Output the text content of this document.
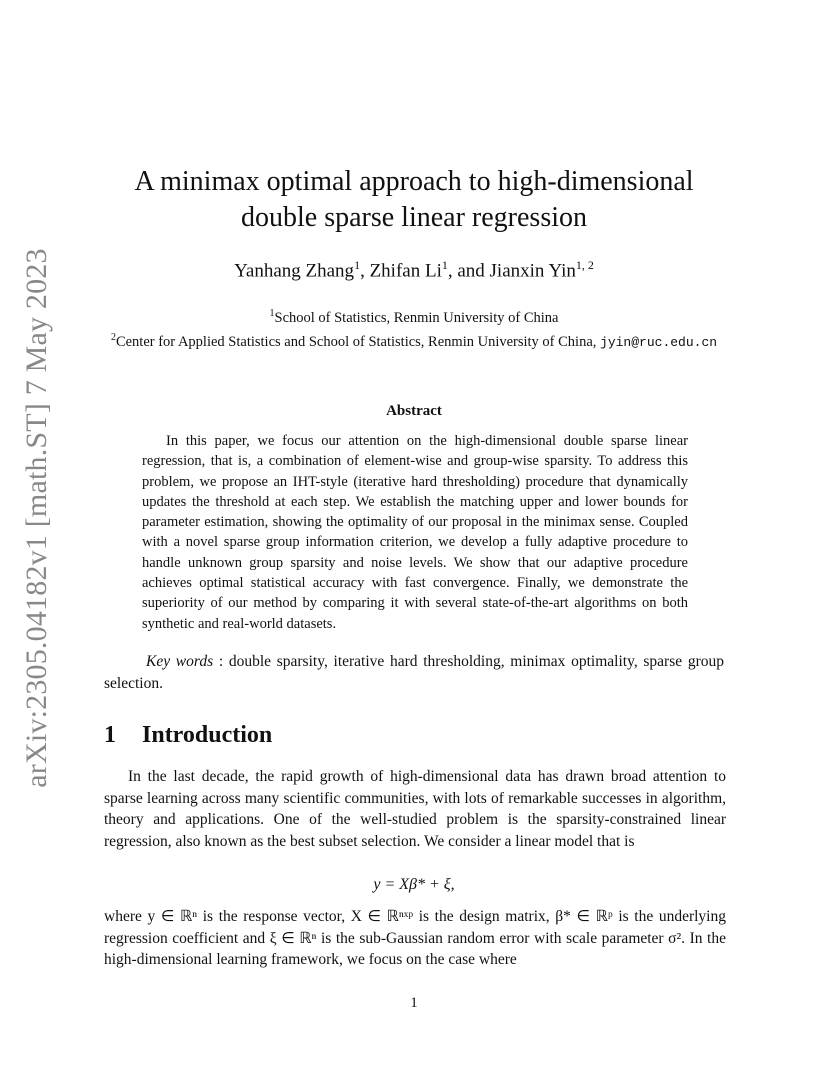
arXiv:2305.04182v1 [math.ST] 7 May 2023
A minimax optimal approach to high-dimensional
double sparse linear regression
Yanhang Zhang$^1$, Zhifan Li$^1$, and Jianxin Yin$^{1, 2}$
$^1$School of Statistics, Renmin University of China
$^2$Center for Applied Statistics and School of Statistics, Renmin University of China, jyin@ruc.edu.cn
Abstract

In this paper, we focus our attention on the high-dimensional double sparse linear regression, that is, a combination of element-wise and group-wise sparsity. To address this problem, we propose an IHT-style (iterative hard thresholding) procedure that dynamically updates the threshold at each step. We establish the matching upper and lower bounds for parameter estimation, showing the optimality of our proposal in the minimax sense. Coupled with a novel sparse group information criterion, we develop a fully adaptive procedure to handle unknown group sparsity and noise levels. We show that our adaptive procedure achieves optimal statistical accuracy with fast convergence. Finally, we demonstrate the superiority of our method by comparing it with several state-of-the-art algorithms on both synthetic and real-world datasets.

Key words : double sparsity, iterative hard thresholding, minimax optimality, sparse group selection.

1 Introduction

In the last decade, the rapid growth of high-dimensional data has drawn broad attention to sparse learning across many scientific communities, with lots of remarkable successes in algorithm, theory and applications. One of the well-studied problem is the sparsity-constrained linear regression, also known as the best subset selection. We consider a linear model that is

y = Xβ* + ξ,

where y ∈ ℝⁿ is the response vector, X ∈ ℝⁿˣᵖ is the design matrix, β* ∈ ℝᵖ is the underlying regression coefficient and ξ ∈ ℝⁿ is the sub-Gaussian random error with scale parameter σ². In the high-dimensional learning framework, we focus on the case where

1
